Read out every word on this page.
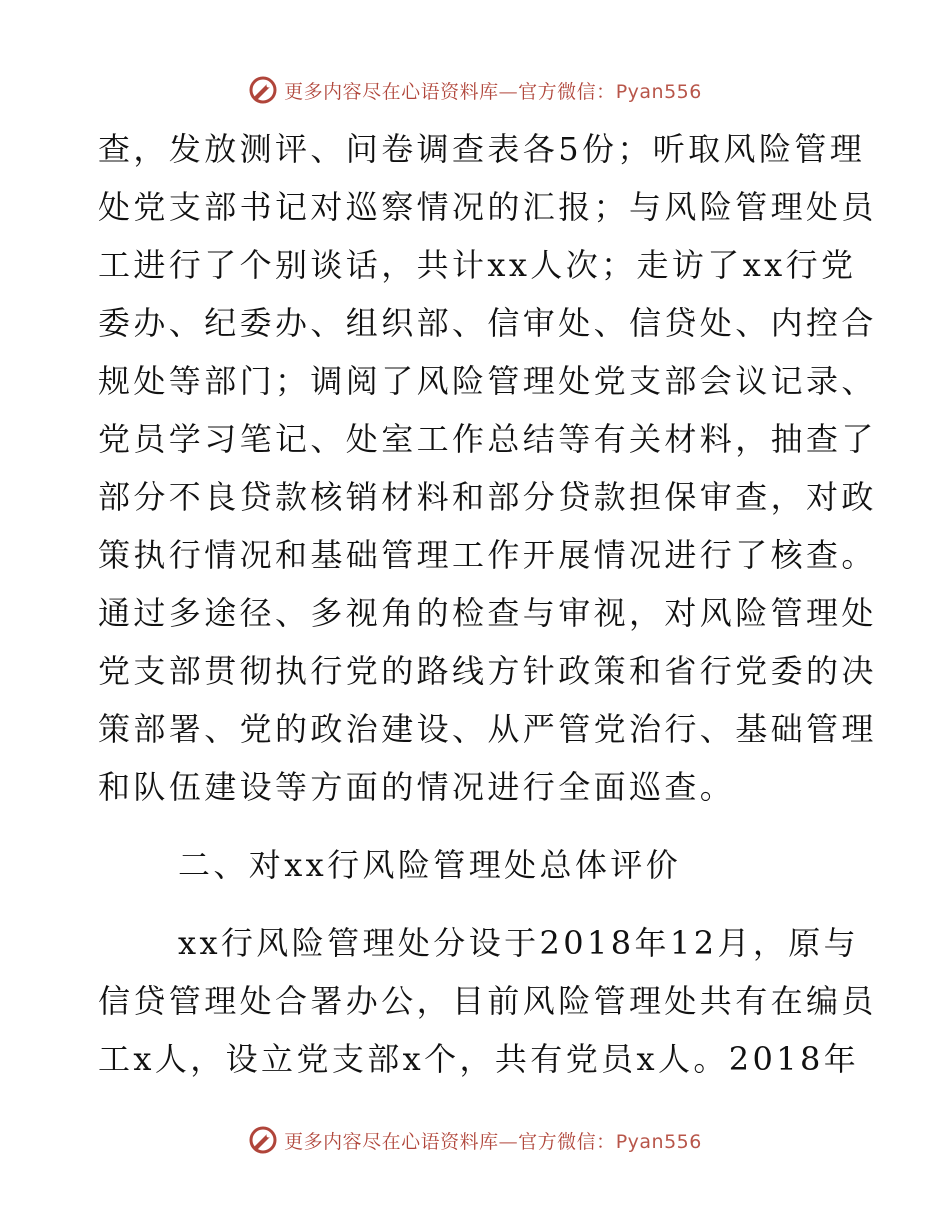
更多内容尽在心语资料库—官方微信：Pyan556
查，发放测评、问卷调查表各5份；听取风险管理
处党支部书记对巡察情况的汇报；与风险管理处员
工进行了个别谈话，共计xx人次；走访了xx行党
委办、纪委办、组织部、信审处、信贷处、内控合
规处等部门；调阅了风险管理处党支部会议记录、
党员学习笔记、处室工作总结等有关材料，抽查了
部分不良贷款核销材料和部分贷款担保审查，对政
策执行情况和基础管理工作开展情况进行了核查。
通过多途径、多视角的检查与审视，对风险管理处
党支部贯彻执行党的路线方针政策和省行党委的决
策部署、党的政治建设、从严管党治行、基础管理
和队伍建设等方面的情况进行全面巡查。
二、对xx行风险管理处总体评价
xx行风险管理处分设于2018年12月，原与
信贷管理处合署办公，目前风险管理处共有在编员
工x人，设立党支部x个，共有党员x人。2018年
更多内容尽在心语资料库—官方微信：Pyan556
